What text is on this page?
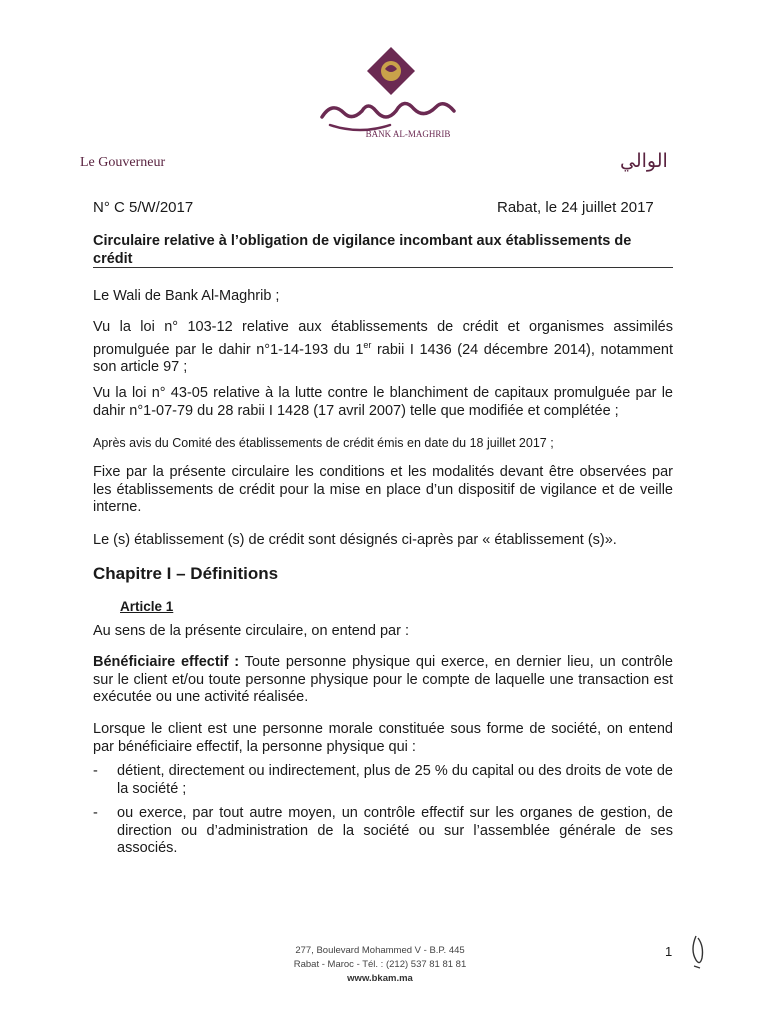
BANK AL-MAGHRIB
Le Gouverneur	الوالي
N° C 5/W/2017	Rabat, le 24 juillet 2017
Circulaire relative à l’obligation de vigilance incombant aux établissements de crédit
Le Wali de Bank Al-Maghrib ;
Vu la loi n° 103-12 relative aux établissements de crédit et organismes assimilés promulguée par le dahir n°1-14-193 du 1er rabii I 1436 (24 décembre 2014), notamment son article 97 ;
Vu la loi n° 43-05 relative à la lutte contre le blanchiment de capitaux promulguée par le dahir n°1-07-79 du 28 rabii I 1428 (17 avril 2007) telle que modifiée et complétée ;
Après avis du Comité des établissements de crédit émis en date du 18 juillet 2017 ;
Fixe par la présente circulaire les conditions et les modalités devant être observées par les établissements de crédit pour la mise en place d’un dispositif de vigilance et de veille interne.
Le (s) établissement (s) de crédit sont désignés ci-après par « établissement (s)».
Chapitre I – Définitions
Article 1
Au sens de la présente circulaire, on entend par :
Bénéficiaire effectif : Toute personne physique qui exerce, en dernier lieu, un contrôle sur le client et/ou toute personne physique pour le compte de laquelle une transaction est exécutée ou une activité réalisée.
Lorsque le client est une personne morale constituée sous forme de société, on entend par bénéficiaire effectif, la personne physique qui :
- détient, directement ou indirectement, plus de 25 % du capital ou des droits de vote de la société ;
- ou exerce, par tout autre moyen, un contrôle effectif sur les organes de gestion, de direction ou d’administration de la société ou sur l’assemblée générale de ses associés.
277, Boulevard Mohammed V - B.P. 445
Rabat - Maroc - Tél. : (212) 537 81 81 81
www.bkam.ma
1
